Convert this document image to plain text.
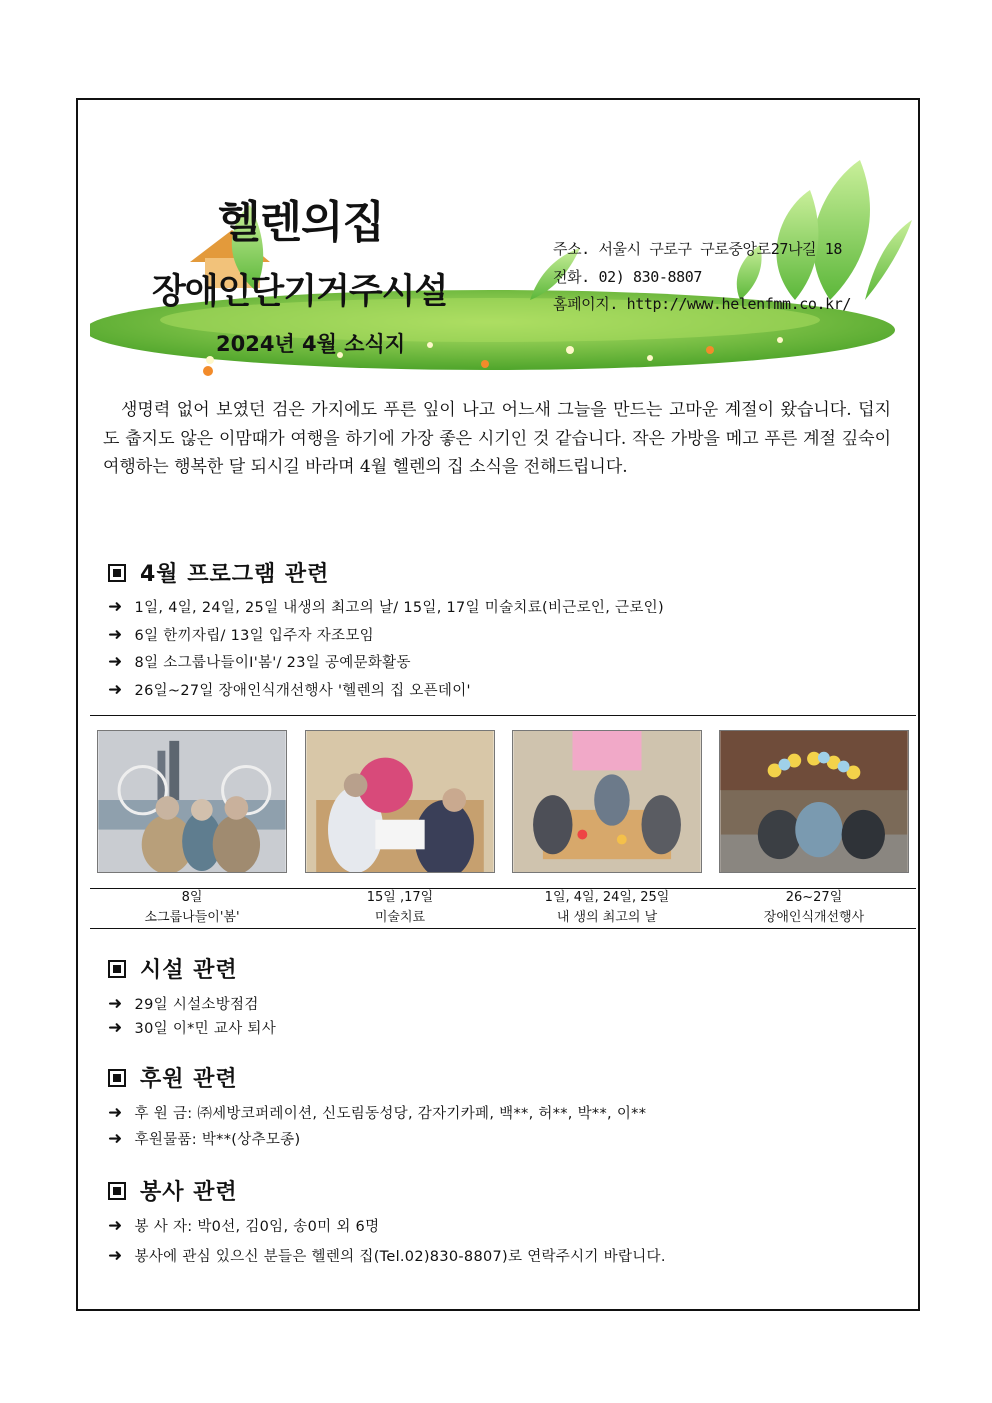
헬렌의집
장애인단기거주시설
2024년 4월 소식지
주소. 서울시 구로구 구로중앙로27나길 18
전화. 02) 830-8807
홈페이지. http://www.helenfmm.co.kr/

생명력 없어 보였던 검은 가지에도 푸른 잎이 나고 어느새 그늘을 만드는 고마운 계절이 왔습니다. 덥지도 춥지도 않은 이맘때가 여행을 하기에 가장 좋은 시기인 것 같습니다. 작은 가방을 메고 푸른 계절 깊숙이 여행하는 행복한 달 되시길 바라며 4월 헬렌의 집 소식을 전해드립니다.

4월 프로그램 관련
➜ 1일, 4일, 24일, 25일 내생의 최고의 날/ 15일, 17일 미술치료(비근로인, 근로인)
➜ 6일 한끼자립/ 13일 입주자 자조모임
➜ 8일 소그룹나들이Ⅰ'봄'/ 23일 공예문화활동
➜ 26일~27일 장애인식개선행사 '헬렌의 집 오픈데이'
8일
소그룹나들이'봄'
15일 ,17일
미술치료
1일, 4일, 24일, 25일
내 생의 최고의 날
26~27일
장애인식개선행사
시설 관련
➜ 29일 시설소방점검
➜ 30일 이*민 교사 퇴사
후원 관련
➜ 후 원 금: ㈜세방코퍼레이션, 신도림동성당, 감자기카페, 백**, 허**, 박**, 이**
➜ 후원물품: 박**(상추모종)
봉사 관련
➜ 봉 사 자: 박0선, 김0임, 송0미 외 6명
➜ 봉사에 관심 있으신 분들은 헬렌의 집(Tel.02)830-8807)로 연락주시기 바랍니다.
